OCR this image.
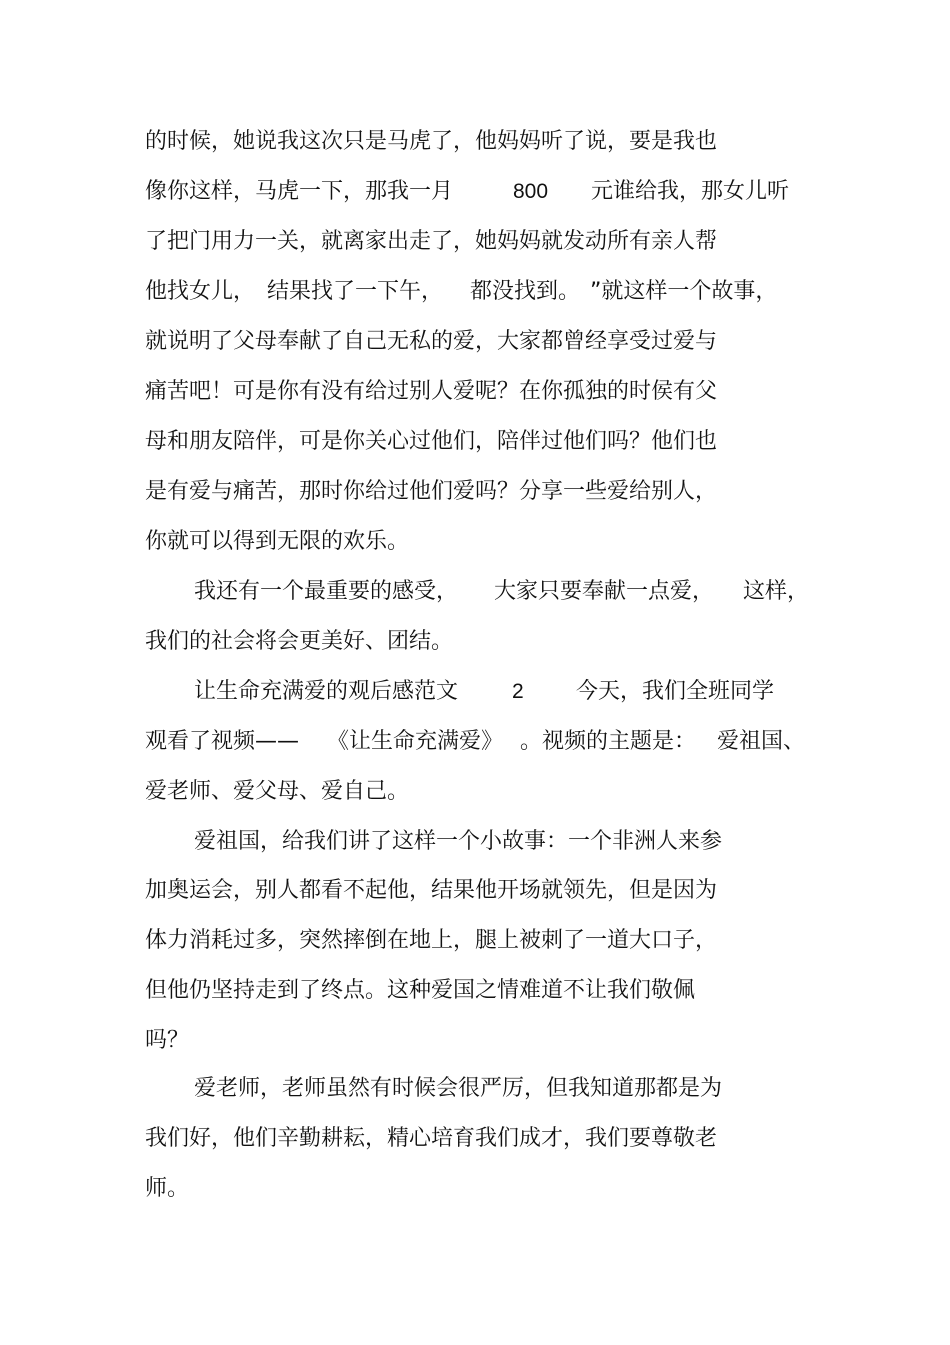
的时候，她说我这次只是马虎了，他妈妈听了说，要是我也
像你这样，马虎一下，那我一月	800 元谁给我，那女儿听
了把门用力一关，就离家出走了，她妈妈就发动所有亲人帮
他找女儿， 结果找了一下午， 都没找到。 ”就这样一个故事，
就说明了父母奉献了自己无私的爱，大家都曾经享受过爱与
痛苦吧！可是你有没有给过别人爱呢？在你孤独的时侯有父
母和朋友陪伴，可是你关心过他们，陪伴过他们吗？他们也
是有爱与痛苦，那时你给过他们爱吗？分享一些爱给别人，
你就可以得到无限的欢乐。
我还有一个最重要的感受， 大家只要奉献一点爱， 这样，
我们的社会将会更美好、团结。
让生命充满爱的观后感范文	2 今天，我们全班同学
观看了视频—— 《让生命充满爱》 。视频的主题是： 爱祖国、
爱老师、爱父母、爱自己。
爱祖国，给我们讲了这样一个小故事：一个非洲人来参
加奥运会，别人都看不起他，结果他开场就领先，但是因为
体力消耗过多，突然摔倒在地上，腿上被刺了一道大口子，
但他仍坚持走到了终点。这种爱国之情难道不让我们敬佩
吗？
爱老师，老师虽然有时候会很严厉，但我知道那都是为
我们好，他们辛勤耕耘，精心培育我们成才，我们要尊敬老
师。
